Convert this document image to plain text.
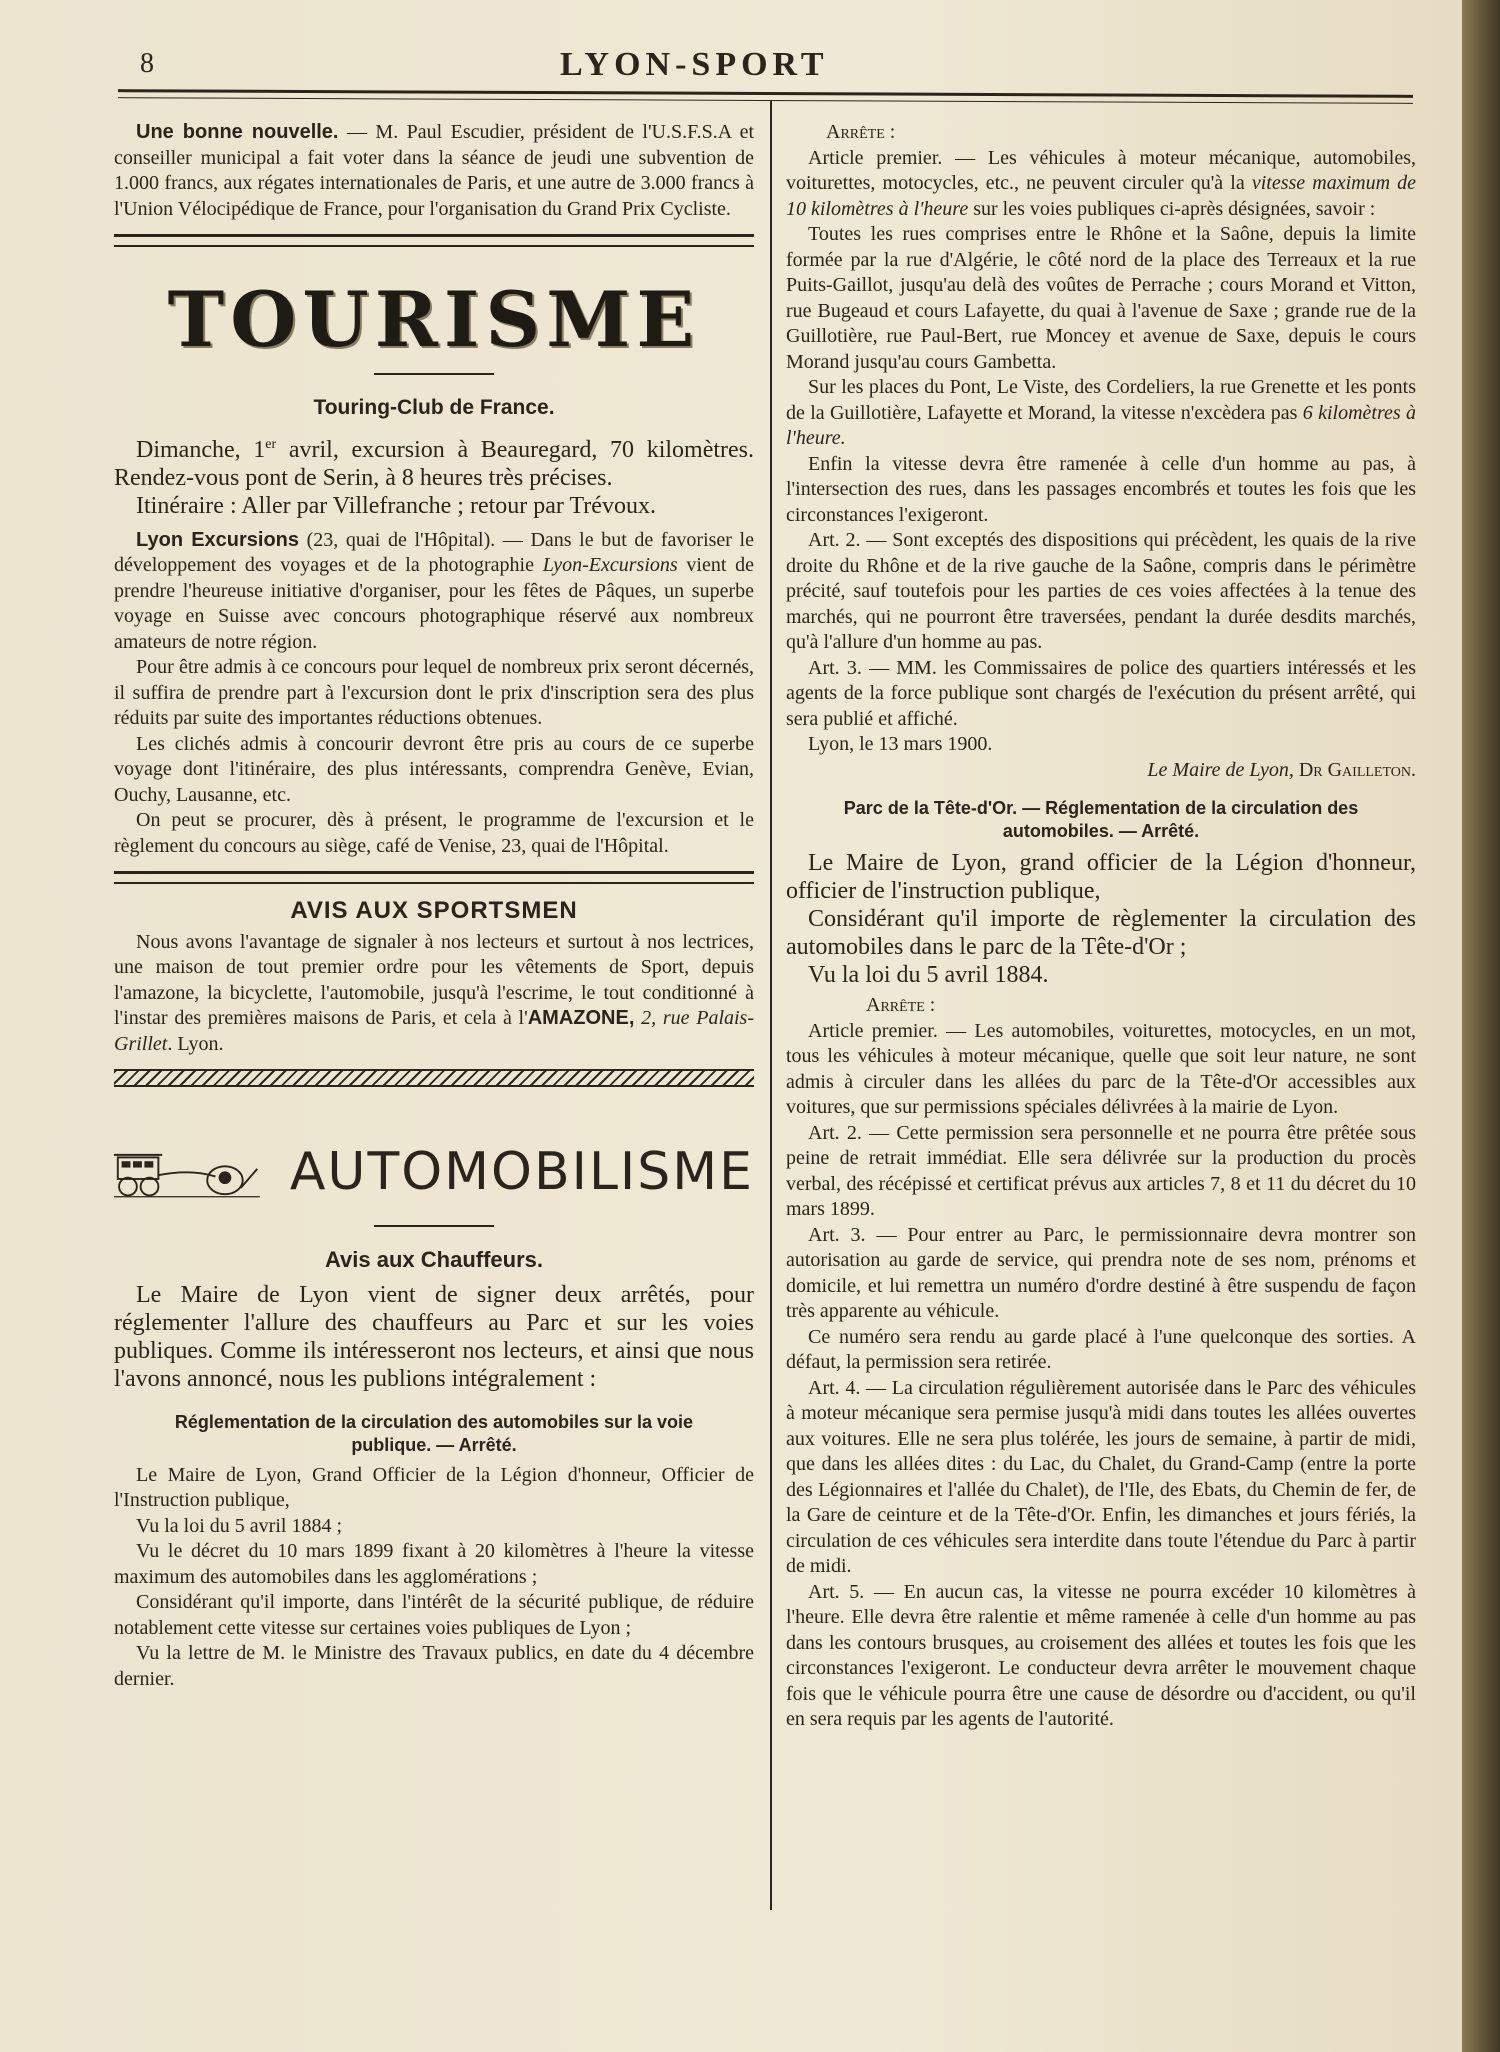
8	LYON-SPORT

Une bonne nouvelle. — M. Paul Escudier, président de l'U.S.F.S.A et conseiller municipal a fait voter dans la séance de jeudi une subvention de 1.000 francs, aux régates internationales de Paris, et une autre de 3.000 francs à l'Union Vélocipédique de France, pour l'organisation du Grand Prix Cycliste.

TOURISME
Touring-Club de France.

Dimanche, 1er avril, excursion à Beauregard, 70 kilomètres. Rendez-vous pont de Serin, à 8 heures très précises.

Itinéraire : Aller par Villefranche ; retour par Trévoux.

Lyon Excursions (23, quai de l'Hôpital). — Dans le but de favoriser le développement des voyages et de la photographie Lyon-Excursions vient de prendre l'heureuse initiative d'organiser, pour les fêtes de Pâques, un superbe voyage en Suisse avec concours photographique réservé aux nombreux amateurs de notre région.

Pour être admis à ce concours pour lequel de nombreux prix seront décernés, il suffira de prendre part à l'excursion dont le prix d'inscription sera des plus réduits par suite des importantes réductions obtenues.

Les clichés admis à concourir devront être pris au cours de ce superbe voyage dont l'itinéraire, des plus intéressants, comprendra Genève, Evian, Ouchy, Lausanne, etc.

On peut se procurer, dès à présent, le programme de l'excursion et le règlement du concours au siège, café de Venise, 23, quai de l'Hôpital.

AVIS AUX SPORTSMEN

Nous avons l'avantage de signaler à nos lecteurs et surtout à nos lectrices, une maison de tout premier ordre pour les vêtements de Sport, depuis l'amazone, la bicyclette, l'automobile, jusqu'à l'escrime, le tout conditionné à l'instar des premières maisons de Paris, et cela à l'AMAZONE, 2, rue Palais-Grillet. Lyon.

AUTOMOBILISME
Avis aux Chauffeurs.

Le Maire de Lyon vient de signer deux arrêtés, pour réglementer l'allure des chauffeurs au Parc et sur les voies publiques. Comme ils intéresseront nos lecteurs, et ainsi que nous l'avons annoncé, nous les publions intégralement :

Réglementation de la circulation des automobiles sur la voie publique. — Arrêté.

Le Maire de Lyon, Grand Officier de la Légion d'honneur, Officier de l'Instruction publique,

Vu la loi du 5 avril 1884 ;

Vu le décret du 10 mars 1899 fixant à 20 kilomètres à l'heure la vitesse maximum des automobiles dans les agglomérations ;

Considérant qu'il importe, dans l'intérêt de la sécurité publique, de réduire notablement cette vitesse sur certaines voies publiques de Lyon ;

Vu la lettre de M. le Ministre des Travaux publics, en date du 4 décembre dernier.

Arrête :

Article premier. — Les véhicules à moteur mécanique, automobiles, voiturettes, motocycles, etc., ne peuvent circuler qu'à la vitesse maximum de 10 kilomètres à l'heure sur les voies publiques ci-après désignées, savoir :

Toutes les rues comprises entre le Rhône et la Saône, depuis la limite formée par la rue d'Algérie, le côté nord de la place des Terreaux et la rue Puits-Gaillot, jusqu'au delà des voûtes de Perrache ; cours Morand et Vitton, rue Bugeaud et cours Lafayette, du quai à l'avenue de Saxe ; grande rue de la Guillotière, rue Paul-Bert, rue Moncey et avenue de Saxe, depuis le cours Morand jusqu'au cours Gambetta.

Sur les places du Pont, Le Viste, des Cordeliers, la rue Grenette et les ponts de la Guillotière, Lafayette et Morand, la vitesse n'excèdera pas 6 kilomètres à l'heure.

Enfin la vitesse devra être ramenée à celle d'un homme au pas, à l'intersection des rues, dans les passages encombrés et toutes les fois que les circonstances l'exigeront.

Art. 2. — Sont exceptés des dispositions qui précèdent, les quais de la rive droite du Rhône et de la rive gauche de la Saône, compris dans le périmètre précité, sauf toutefois pour les parties de ces voies affectées à la tenue des marchés, qui ne pourront être traversées, pendant la durée desdits marchés, qu'à l'allure d'un homme au pas.

Art. 3. — MM. les Commissaires de police des quartiers intéressés et les agents de la force publique sont chargés de l'exécution du présent arrêté, qui sera publié et affiché.

Lyon, le 13 mars 1900.

Le Maire de Lyon, Dr Gailleton.

Parc de la Tête-d'Or. — Réglementation de la circulation des automobiles. — Arrêté.

Le Maire de Lyon, grand officier de la Légion d'honneur, officier de l'instruction publique,

Considérant qu'il importe de règlementer la circulation des automobiles dans le parc de la Tête-d'Or ;

Vu la loi du 5 avril 1884.

Arrête :

Article premier. — Les automobiles, voiturettes, motocycles, en un mot, tous les véhicules à moteur mécanique, quelle que soit leur nature, ne sont admis à circuler dans les allées du parc de la Tête-d'Or accessibles aux voitures, que sur permissions spéciales délivrées à la mairie de Lyon.

Art. 2. — Cette permission sera personnelle et ne pourra être prêtée sous peine de retrait immédiat. Elle sera délivrée sur la production du procès verbal, des récépissé et certificat prévus aux articles 7, 8 et 11 du décret du 10 mars 1899.

Art. 3. — Pour entrer au Parc, le permissionnaire devra montrer son autorisation au garde de service, qui prendra note de ses nom, prénoms et domicile, et lui remettra un numéro d'ordre destiné à être suspendu de façon très apparente au véhicule.

Ce numéro sera rendu au garde placé à l'une quelconque des sorties. A défaut, la permission sera retirée.

Art. 4. — La circulation régulièrement autorisée dans le Parc des véhicules à moteur mécanique sera permise jusqu'à midi dans toutes les allées ouvertes aux voitures. Elle ne sera plus tolérée, les jours de semaine, à partir de midi, que dans les allées dites : du Lac, du Chalet, du Grand-Camp (entre la porte des Légionnaires et l'allée du Chalet), de l'Ile, des Ebats, du Chemin de fer, de la Gare de ceinture et de la Tête-d'Or. Enfin, les dimanches et jours fériés, la circulation de ces véhicules sera interdite dans toute l'étendue du Parc à partir de midi.

Art. 5. — En aucun cas, la vitesse ne pourra excéder 10 kilomètres à l'heure. Elle devra être ralentie et même ramenée à celle d'un homme au pas dans les contours brusques, au croisement des allées et toutes les fois que les circonstances l'exigeront. Le conducteur devra arrêter le mouvement chaque fois que le véhicule pourra être une cause de désordre ou d'accident, ou qu'il en sera requis par les agents de l'autorité.
